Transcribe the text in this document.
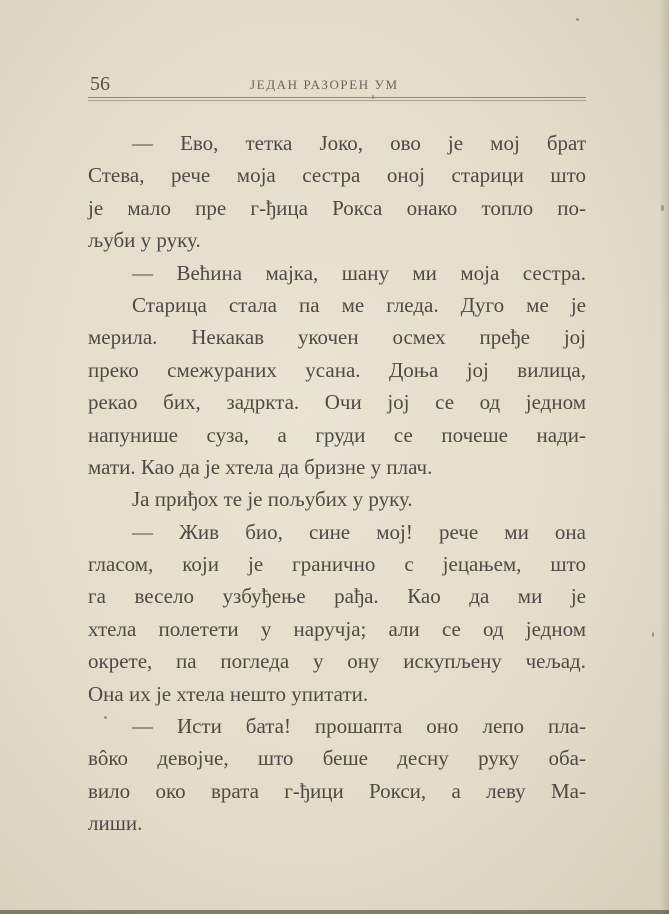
56	ЈЕДАН РАЗОРЕН УМ
— Ево, тетка Јоко, ово је мој брат
Стева, рече моја сестра оној старици што
је мало пре г-ђица Рокса онако топло по-
љуби у руку.
— Већина мајка, шану ми моја сестра.
Старица стала па ме гледа. Дуго ме је
мерила. Некакав укочен осмех пређе јој
преко смежураних усана. Доња јој вилица,
рекао бих, задркта. Очи јој се од једном
напунише суза, а груди се почеше нади-
мати. Као да је хтела да бризне у плач.
Ја приђох те је пољубих у руку.
— Жив био, сине мој! рече ми она
гласом, који је гранично с јецањем, што
га весело узбуђење рађа. Као да ми је
хтела полетети у наручја; али се од једном
окрете, па погледа у ону искупљену чељад.
Она их је хтела нешто упитати.
— Исти бата! прошапта оно лепо пла-
вôко девојче, што беше десну руку оба-
вило око врата г-ђици Рокси, а леву Ма-
лиши.
